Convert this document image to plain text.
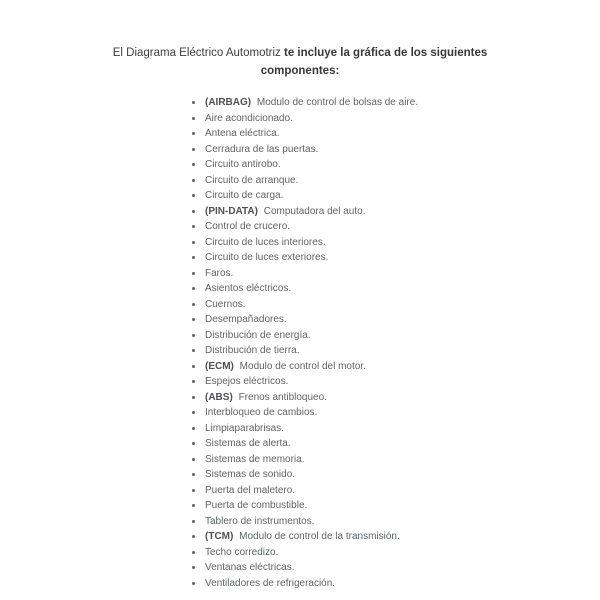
El Diagrama Eléctrico Automotriz te incluye la gráfica de los siguientes componentes:
(AIRBAG) Modulo de control de bolsas de aire.
Aire acondicionado.
Antena eléctrica.
Cerradura de las puertas.
Circuito antirobo.
Circuito de arranque.
Circuito de carga.
(PIN-DATA) Computadora del auto.
Control de crucero.
Circuito de luces interiores.
Circuito de luces exteriores.
Faros.
Asientos eléctricos.
Cuernos.
Desempañadores.
Distribución de energía.
Distribución de tierra.
(ECM) Modulo de control del motor.
Espejos eléctricos.
(ABS) Frenos antibloqueo.
Interbloqueo de cambios.
Limpiaparabrisas.
Sistemas de alerta.
Sistemas de memoria.
Sistemas de sonido.
Puerta del maletero.
Puerta de combustible.
Tablero de instrumentos.
(TCM) Modulo de control de la transmisión.
Techo corredizo.
Ventanas eléctricas.
Ventiladores de refrigeración.
